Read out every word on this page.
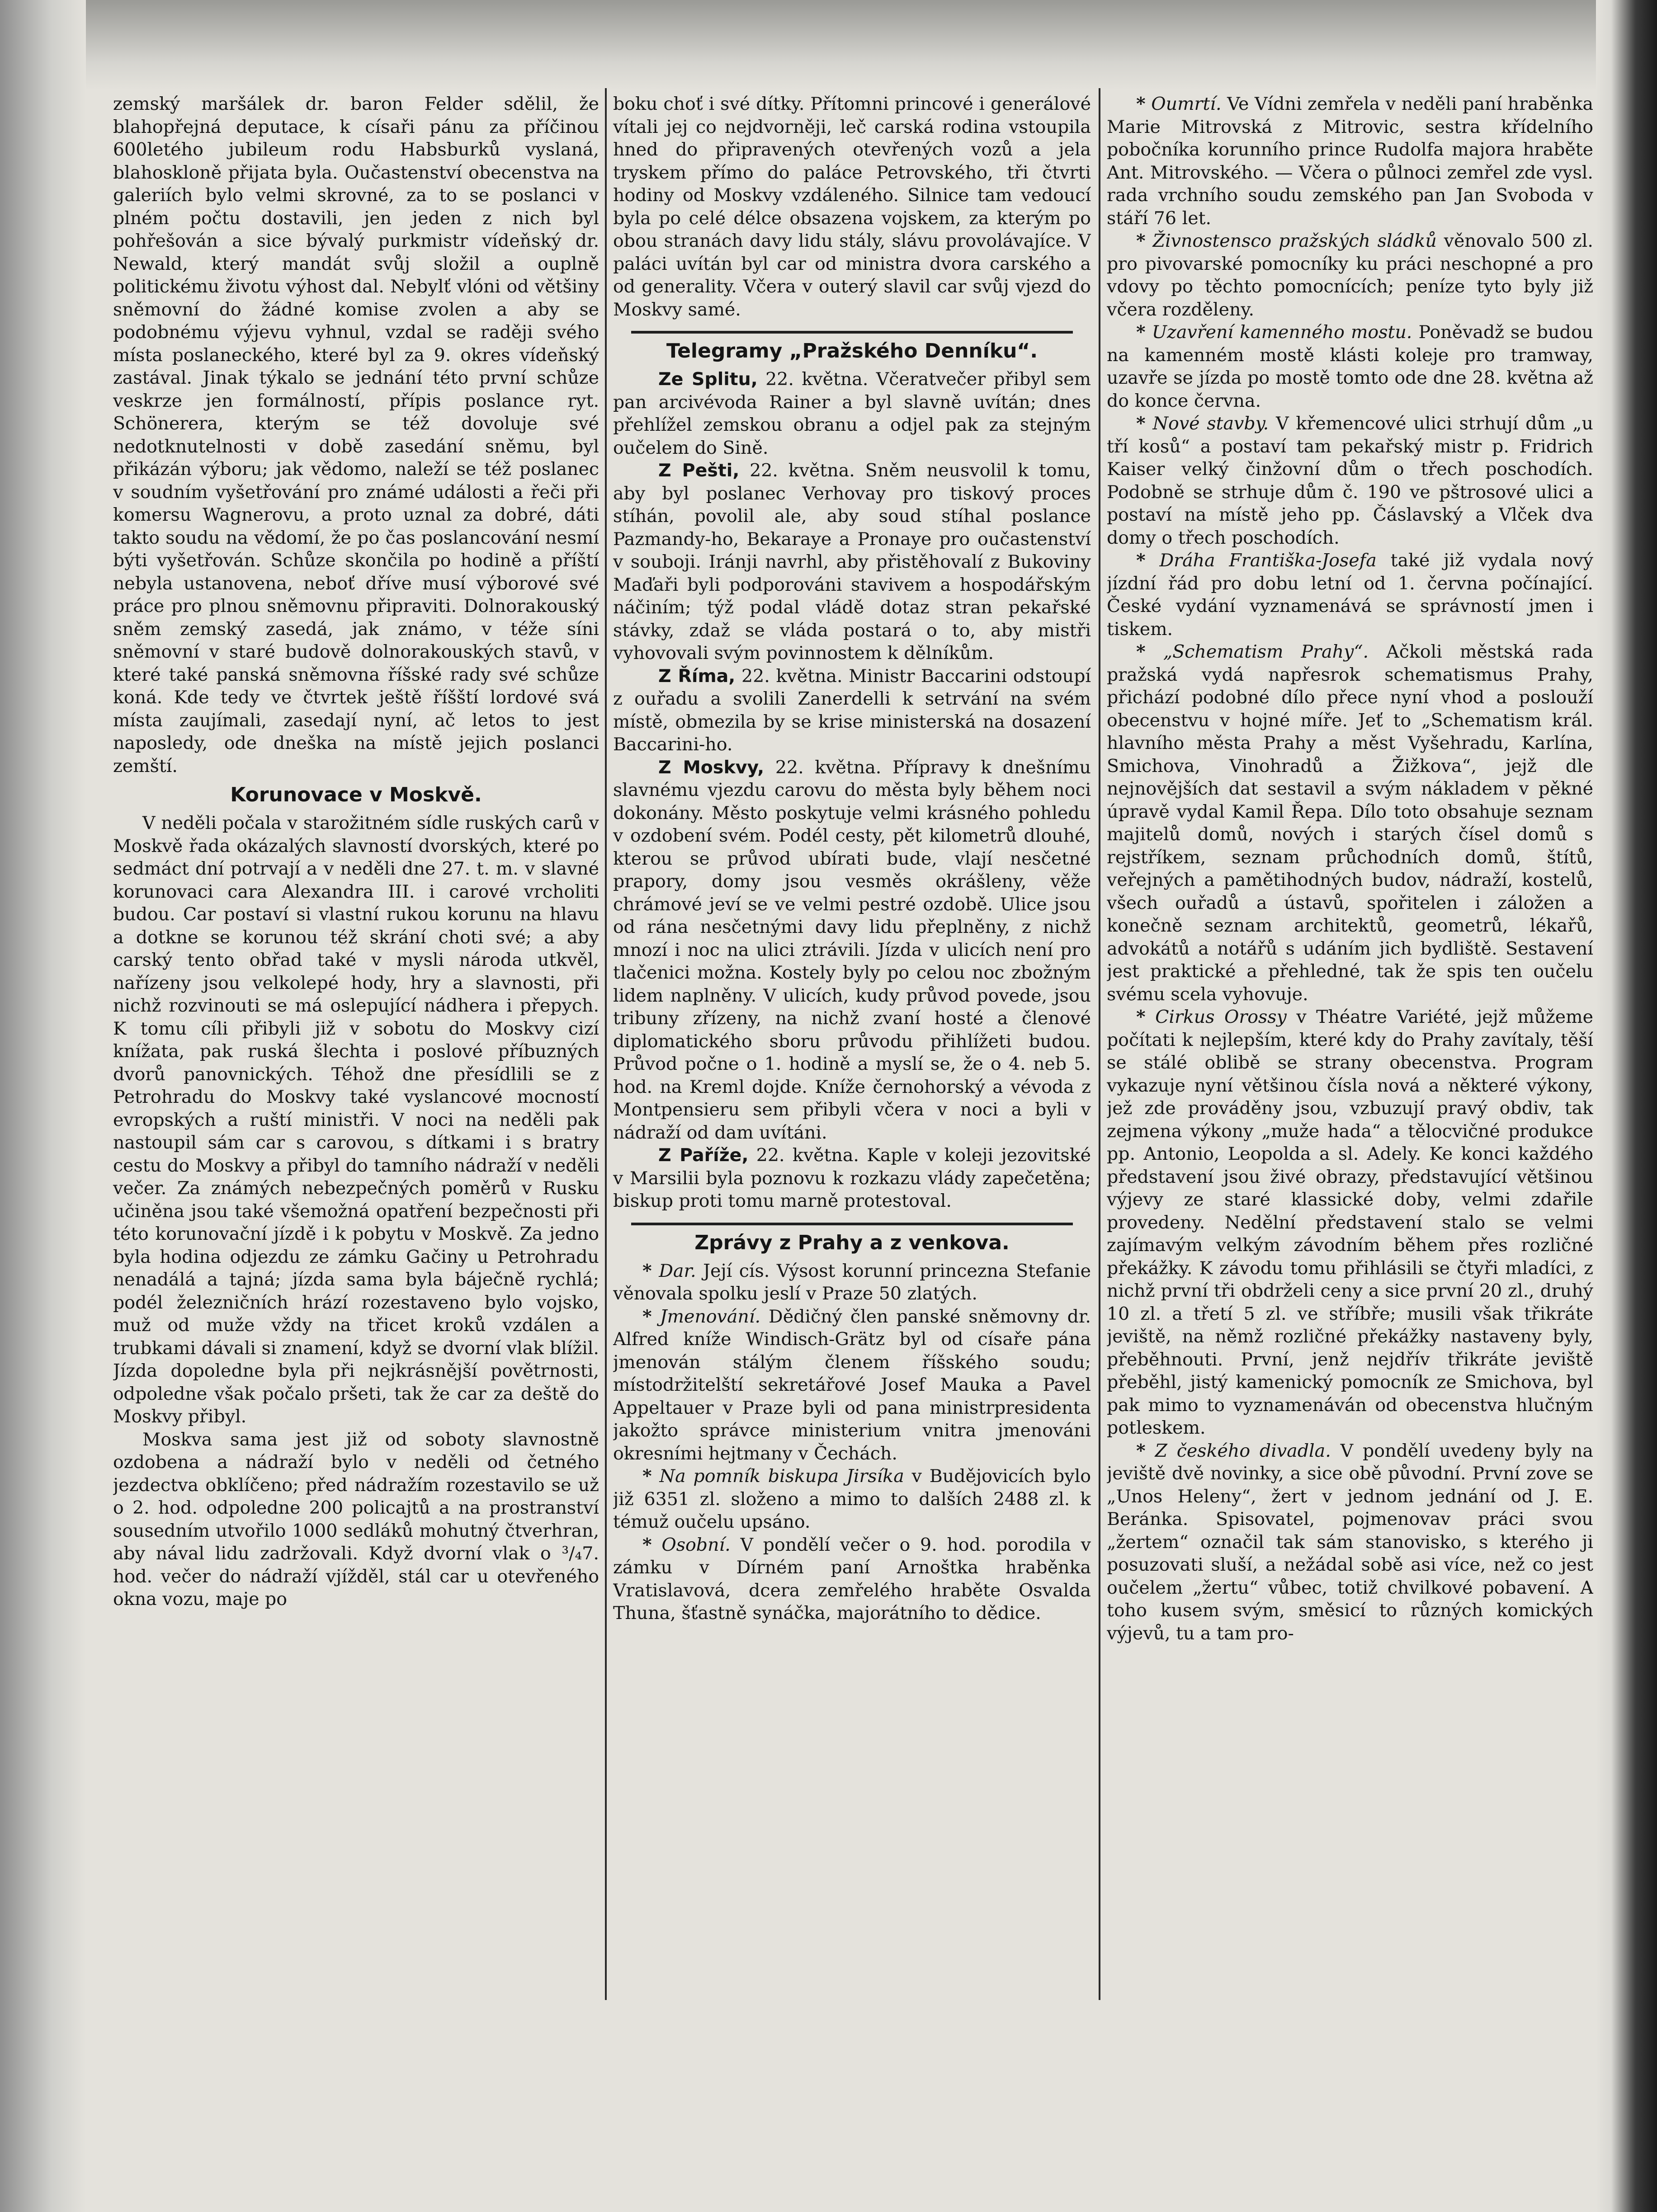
zemský maršálek dr. baron Felder sdělil, že blahopřejná deputace, k císaři pánu za příčinou 600letého jubileum rodu Habsburků vyslaná, blahoskloně přijata byla. Oučastenství obecenstva na galeriích bylo velmi skrovné, za to se poslanci v plném počtu dostavili, jen jeden z nich byl pohřešován a sice bývalý purkmistr vídeňský dr. Newald, který mandát svůj složil a ouplně politickému životu výhost dal. Nebylť vlóni od většiny sněmovní do žádné komise zvolen a aby se podobnému výjevu vyhnul, vzdal se raději svého místa poslaneckého, které byl za 9. okres vídeňský zastával. Jinak týkalo se jednání této první schůze veskrze jen formálností, přípis poslance ryt. Schönerera, kterým se též dovoluje své nedotknutelnosti v době zasedání sněmu, byl přikázán výboru; jak vědomo, naleží se též poslanec v soudním vyšetřování pro známé události a řeči při komersu Wagnerovu, a proto uznal za dobré, dáti takto soudu na vědomí, že po čas poslancování nesmí býti vyšetřován. Schůze skončila po hodině a příští nebyla ustanovena, neboť dříve musí výborové své práce pro plnou sněmovnu připraviti. Dolnorakouský sněm zemský zasedá, jak známo, v téže síni sněmovní v staré budově dolnorakouských stavů, v které také panská sněmovna říšské rady své schůze koná. Kde tedy ve čtvrtek ještě říšští lordové svá místa zaujímali, zasedají nyní, ač letos to jest naposledy, ode dneška na místě jejich poslanci zemští.

Korunovace v Moskvě.

V neděli počala v starožitném sídle ruských carů v Moskvě řada okázalých slavností dvorských, které po sedmáct dní potrvají a v neděli dne 27. t. m. v slavné korunovaci cara Alexandra III. i carové vrcholiti budou. Car postaví si vlastní rukou korunu na hlavu a dotkne se korunou též skrání choti své; a aby carský tento obřad také v mysli národa utkvěl, nařízeny jsou velkolepé hody, hry a slavnosti, při nichž rozvinouti se má oslepující nádhera i přepych. K tomu cíli přibyli již v sobotu do Moskvy cizí knížata, pak ruská šlechta i poslové příbuzných dvorů panovnických. Téhož dne přesídlili se z Petrohradu do Moskvy také vyslancové mocností evropských a ruští ministři. V noci na neděli pak nastoupil sám car s carovou, s dítkami i s bratry cestu do Moskvy a přibyl do tamního nádraží v neděli večer. Za známých nebezpečných poměrů v Rusku učiněna jsou také všemožná opatření bezpečnosti při této korunovační jízdě i k pobytu v Moskvě. Za jedno byla hodina odjezdu ze zámku Gačiny u Petrohradu nenadálá a tajná; jízda sama byla báječně rychlá; podél železničních hrází rozestaveno bylo vojsko, muž od muže vždy na třicet kroků vzdálen a trubkami dávali si znamení, když se dvorní vlak blížil. Jízda dopoledne byla při nejkrásnější povětrnosti, odpoledne však počalo pršeti, tak že car za deště do Moskvy přibyl.

Moskva sama jest již od soboty slavnostně ozdobena a nádraží bylo v neděli od četného jezdectva obklíčeno; před nádražím rozestavilo se už o 2. hod. odpoledne 200 policajtů a na prostranství sousedním utvořilo 1000 sedláků mohutný čtverhran, aby nával lidu zadržovali. Když dvorní vlak o ³/₄7. hod. večer do nádraží vjížděl, stál car u otevřeného okna vozu, maje po

boku choť i své dítky. Přítomni princové i generálové vítali jej co nejdvorněji, leč carská rodina vstoupila hned do připravených otevřených vozů a jela tryskem přímo do paláce Petrovského, tři čtvrti hodiny od Moskvy vzdáleného. Silnice tam vedoucí byla po celé délce obsazena vojskem, za kterým po obou stranách davy lidu stály, slávu provolávajíce. V paláci uvítán byl car od ministra dvora carského a od generality. Včera v outerý slavil car svůj vjezd do Moskvy samé.

Telegramy „Pražského Denníku“.

Ze Splitu, 22. května. Včeratvečer přibyl sem pan arcivévoda Rainer a byl slavně uvítán; dnes přehlížel zemskou obranu a odjel pak za stejným oučelem do Sině.

Z Pešti, 22. května. Sněm neusvolil k tomu, aby byl poslanec Verhovay pro tiskový proces stíhán, povolil ale, aby soud stíhal poslance Pazmandy-ho, Bekaraye a Pronaye pro oučastenství v souboji. Iránji navrhl, aby přistěhovalí z Bukoviny Maďaři byli podporováni stavivem a hospodářským náčiním; týž podal vládě dotaz stran pekařské stávky, zdaž se vláda postará o to, aby mistři vyhovovali svým povinnostem k dělníkům.

Z Říma, 22. května. Ministr Baccarini odstoupí z ouřadu a svolili Zanerdelli k setrvání na svém místě, obmezila by se krise ministerská na dosazení Baccarini-ho.

Z Moskvy, 22. května. Přípravy k dnešnímu slavnému vjezdu carovu do města byly během noci dokonány. Město poskytuje velmi krásného pohledu v ozdobení svém. Podél cesty, pět kilometrů dlouhé, kterou se průvod ubírati bude, vlají nesčetné prapory, domy jsou vesměs okrášleny, věže chrámové jeví se ve velmi pestré ozdobě. Ulice jsou od rána nesčetnými davy lidu přeplněny, z nichž mnozí i noc na ulici ztrávili. Jízda v ulicích není pro tlačenici možna. Kostely byly po celou noc zbožným lidem naplněny. V ulicích, kudy průvod povede, jsou tribuny zřízeny, na nichž zvaní hosté a členové diplomatického sboru průvodu přihlížeti budou. Průvod počne o 1. hodině a myslí se, že o 4. neb 5. hod. na Kreml dojde. Kníže černohorský a vévoda z Montpensieru sem přibyli včera v noci a byli v nádraží od dam uvítáni.

Z Paříže, 22. května. Kaple v koleji jezovitské v Marsilii byla poznovu k rozkazu vlády zapečetěna; biskup proti tomu marně protestoval.

Zprávy z Prahy a z venkova.

* Dar. Její cís. Výsost korunní princezna Stefanie věnovala spolku jeslí v Praze 50 zlatých.

* Jmenování. Dědičný člen panské sněmovny dr. Alfred kníže Windisch-Grätz byl od císaře pána jmenován stálým členem říšského soudu; místodržitelští sekretářové Josef Mauka a Pavel Appeltauer v Praze byli od pana ministrpresidenta jakožto správce ministerium vnitra jmenováni okresními hejtmany v Čechách.

* Na pomník biskupa Jirsíka v Budějovicích bylo již 6351 zl. složeno a mimo to dalších 2488 zl. k témuž oučelu upsáno.

* Osobní. V pondělí večer o 9. hod. porodila v zámku v Dírném paní Arnoštka hraběnka Vratislavová, dcera zemřelého hraběte Osvalda Thuna, šťastně synáčka, majorátního to dědice.

* Oumrtí. Ve Vídni zemřela v neděli paní hraběnka Marie Mitrovská z Mitrovic, sestra křídelního pobočníka korunního prince Rudolfa majora hraběte Ant. Mitrovského. — Včera o půlnoci zemřel zde vysl. rada vrchního soudu zemského pan Jan Svoboda v stáří 76 let.

* Živnostensco pražských sládků věnovalo 500 zl. pro pivovarské pomocníky ku práci neschopné a pro vdovy po těchto pomocnících; peníze tyto byly již včera rozděleny.

* Uzavření kamenného mostu. Poněvadž se budou na kamenném mostě klásti koleje pro tramway, uzavře se jízda po mostě tomto ode dne 28. května až do konce června.

* Nové stavby. V křemencové ulici strhují dům „u tří kosů“ a postaví tam pekařský mistr p. Fridrich Kaiser velký činžovní dům o třech poschodích. Podobně se strhuje dům č. 190 ve pštrosové ulici a postaví na místě jeho pp. Čáslavský a Vlček dva domy o třech poschodích.

* Dráha Františka-Josefa také již vydala nový jízdní řád pro dobu letní od 1. června počínající. České vydání vyznamenává se správností jmen i tiskem.

* „Schematism Prahy“. Ačkoli městská rada pražská vydá napřesrok schematismus Prahy, přichází podobné dílo přece nyní vhod a poslouží obecenstvu v hojné míře. Jeť to „Schematism král. hlavního města Prahy a měst Vyšehradu, Karlína, Smichova, Vinohradů a Žižkova“, jejž dle nejnovějších dat sestavil a svým nákladem v pěkné úpravě vydal Kamil Řepa. Dílo toto obsahuje seznam majitelů domů, nových i starých čísel domů s rejstříkem, seznam průchodních domů, štítů, veřejných a pamětihodných budov, nádraží, kostelů, všech ouřadů a ústavů, spořitelen i záložen a konečně seznam architektů, geometrů, lékařů, advokátů a notářů s udáním jich bydliště. Sestavení jest praktické a přehledné, tak že spis ten oučelu svému scela vyhovuje.

* Cirkus Orossy v Théatre Variété, jejž můžeme počítati k nejlepším, které kdy do Prahy zavítaly, těší se stálé oblibě se strany obecenstva. Program vykazuje nyní většinou čísla nová a některé výkony, jež zde prováděny jsou, vzbuzují pravý obdiv, tak zejmena výkony „muže hada“ a tělocvičné produkce pp. Antonio, Leopolda a sl. Adely. Ke konci každého představení jsou živé obrazy, představující většinou výjevy ze staré klassické doby, velmi zdařile provedeny. Nedělní představení stalo se velmi zajímavým velkým závodním během přes rozličné překážky. K závodu tomu přihlásili se čtyři mladíci, z nichž první tři obdrželi ceny a sice první 20 zl., druhý 10 zl. a třetí 5 zl. ve stříbře; musili však třikráte jeviště, na němž rozličné překážky nastaveny byly, přeběhnouti. První, jenž nejdřív třikráte jeviště přeběhl, jistý kamenický pomocník ze Smichova, byl pak mimo to vyznamenáván od obecenstva hlučným potleskem.

* Z českého divadla. V pondělí uvedeny byly na jeviště dvě novinky, a sice obě původní. První zove se „Unos Heleny“, žert v jednom jednání od J. E. Beránka. Spisovatel, pojmenovav práci svou „žertem“ označil tak sám stanovisko, s kterého ji posuzovati sluší, a nežádal sobě asi více, než co jest oučelem „žertu“ vůbec, totiž chvilkové pobavení. A toho kusem svým, směsicí to různých komických výjevů, tu a tam pro-
